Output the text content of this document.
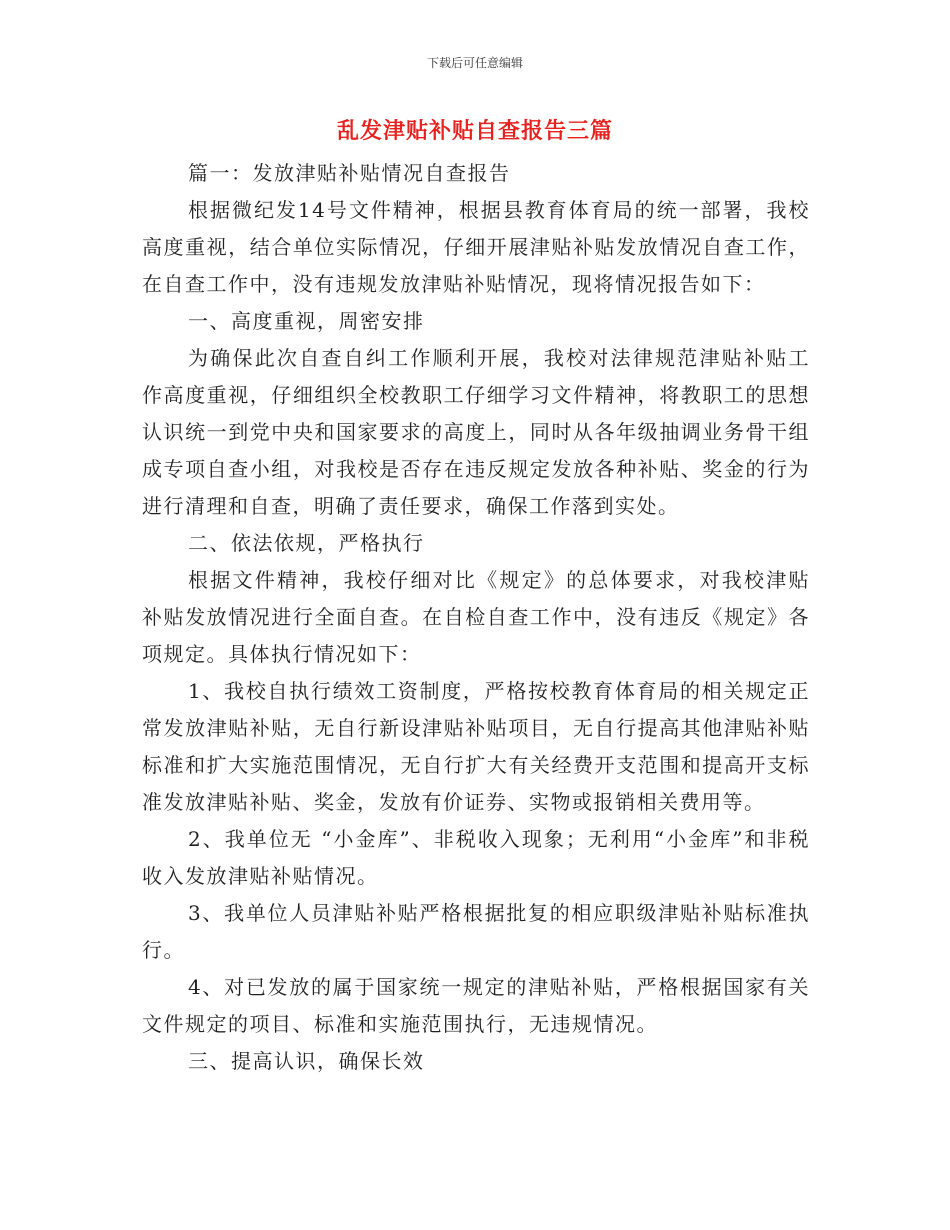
下载后可任意编辑
乱发津贴补贴自查报告三篇

篇一：发放津贴补贴情况自查报告

根据微纪发14号文件精神，根据县教育体育局的统一部署，我校高度重视，结合单位实际情况，仔细开展津贴补贴发放情况自查工作，在自查工作中，没有违规发放津贴补贴情况，现将情况报告如下：

一、高度重视，周密安排

为确保此次自查自纠工作顺利开展，我校对法律规范津贴补贴工作高度重视，仔细组织全校教职工仔细学习文件精神，将教职工的思想认识统一到党中央和国家要求的高度上，同时从各年级抽调业务骨干组成专项自查小组，对我校是否存在违反规定发放各种补贴、奖金的行为进行清理和自查，明确了责任要求，确保工作落到实处。

二、依法依规，严格执行

根据文件精神，我校仔细对比《规定》的总体要求，对我校津贴补贴发放情况进行全面自查。在自检自查工作中，没有违反《规定》各项规定。具体执行情况如下：

1、我校自执行绩效工资制度，严格按校教育体育局的相关规定正常发放津贴补贴，无自行新设津贴补贴项目，无自行提高其他津贴补贴标准和扩大实施范围情况，无自行扩大有关经费开支范围和提高开支标准发放津贴补贴、奖金，发放有价证券、实物或报销相关费用等。

2、我单位无 “小金库”、非税收入现象；无利用“小金库”和非税收入发放津贴补贴情况。

3、我单位人员津贴补贴严格根据批复的相应职级津贴补贴标准执行。

4、对已发放的属于国家统一规定的津贴补贴，严格根据国家有关文件规定的项目、标准和实施范围执行，无违规情况。

三、提高认识，确保长效
